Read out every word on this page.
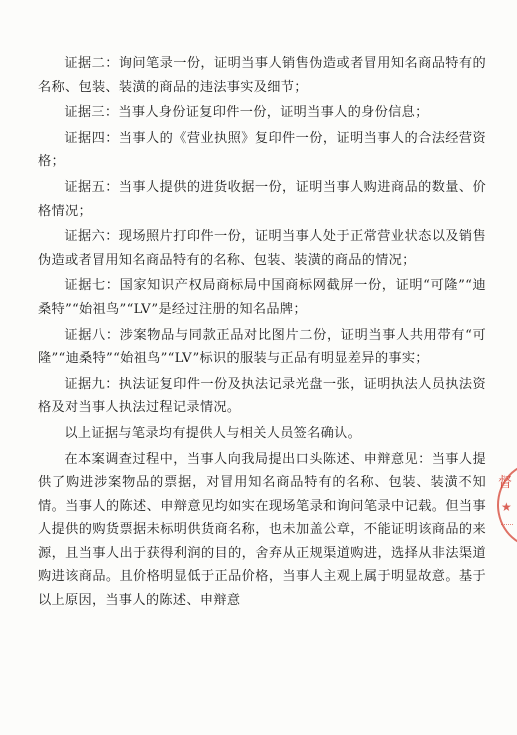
证据二：询问笔录一份，证明当事人销售伪造或者冒用知名商品特有的名称、包装、装潢的商品的违法事实及细节；

证据三：当事人身份证复印件一份，证明当事人的身份信息；

证据四：当事人的《营业执照》复印件一份，证明当事人的合法经营资格；

证据五：当事人提供的进货收据一份，证明当事人购进商品的数量、价格情况；

证据六：现场照片打印件一份，证明当事人处于正常营业状态以及销售伪造或者冒用知名商品特有的名称、包装、装潢的商品的情况；

证据七：国家知识产权局商标局中国商标网截屏一份，证明“可隆”“迪桑特”“始祖鸟”“LV”是经过注册的知名品牌；

证据八：涉案物品与同款正品对比图片二份，证明当事人共用带有“可隆”“迪桑特”“始祖鸟”“LV”标识的服装与正品有明显差异的事实；

证据九：执法证复印件一份及执法记录光盘一张，证明执法人员执法资格及对当事人执法过程记录情况。

以上证据与笔录均有提供人与相关人员签名确认。

在本案调查过程中，当事人向我局提出口头陈述、申辩意见：当事人提供了购进涉案物品的票据，对冒用知名商品特有的名称、包装、装潢不知情。当事人的陈述、申辩意见均如实在现场笔录和询问笔录中记载。但当事人提供的购货票据未标明供货商名称，也未加盖公章，不能证明该商品的来源，且当事人出于获得利润的目的，舍弃从正规渠道购进，选择从非法渠道购进该商品。且价格明显低于正品价格，当事人主观上属于明显故意。基于以上原因，当事人的陈述、申辩意

督
★
